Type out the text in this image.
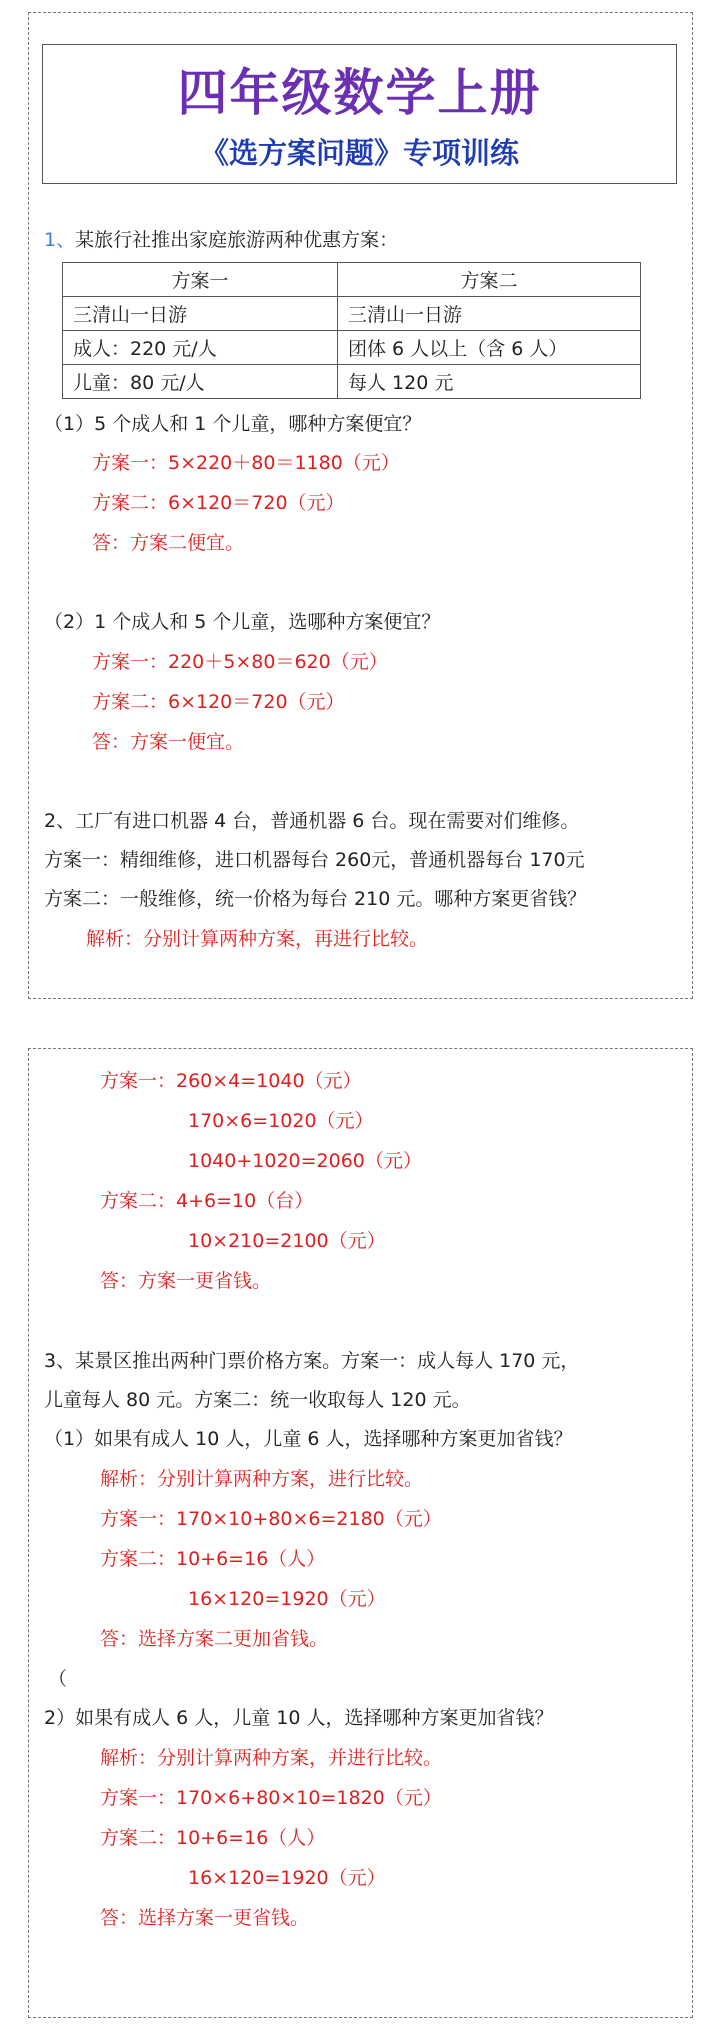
四年级数学上册
《选方案问题》专项训练
1、某旅行社推出家庭旅游两种优惠方案：
方案一	方案二
三清山一日游	三清山一日游
成人：220 元/人	团体 6 人以上（含 6 人）
儿童：80 元/人	每人 120 元
（1）5 个成人和 1 个儿童，哪种方案便宜？
方案一：5×220＋80＝1180（元）
方案二：6×120＝720（元）
答：方案二便宜。
（2）1 个成人和 5 个儿童，选哪种方案便宜？
方案一：220＋5×80＝620（元）
方案二：6×120＝720（元）
答：方案一便宜。
2、工厂有进口机器 4 台，普通机器 6 台。现在需要对们维修。
方案一：精细维修，进口机器每台 260元，普通机器每台 170元
方案二：一般维修，统一价格为每台 210 元。哪种方案更省钱？
解析：分别计算两种方案，再进行比较。
方案一：260×4=1040（元）
170×6=1020（元）
1040+1020=2060（元）
方案二：4+6=10（台）
10×210=2100（元）
答：方案一更省钱。
3、某景区推出两种门票价格方案。方案一：成人每人 170 元，
儿童每人 80 元。方案二：统一收取每人 120 元。
（1）如果有成人 10 人，儿童 6 人，选择哪种方案更加省钱？
解析：分别计算两种方案，进行比较。
方案一：170×10+80×6=2180（元）
方案二：10+6=16（人）
16×120=1920（元）
答：选择方案二更加省钱。
（
2）如果有成人 6 人，儿童 10 人，选择哪种方案更加省钱？
解析：分别计算两种方案，并进行比较。
方案一：170×6+80×10=1820（元）
方案二：10+6=16（人）
16×120=1920（元）
答：选择方案一更省钱。
